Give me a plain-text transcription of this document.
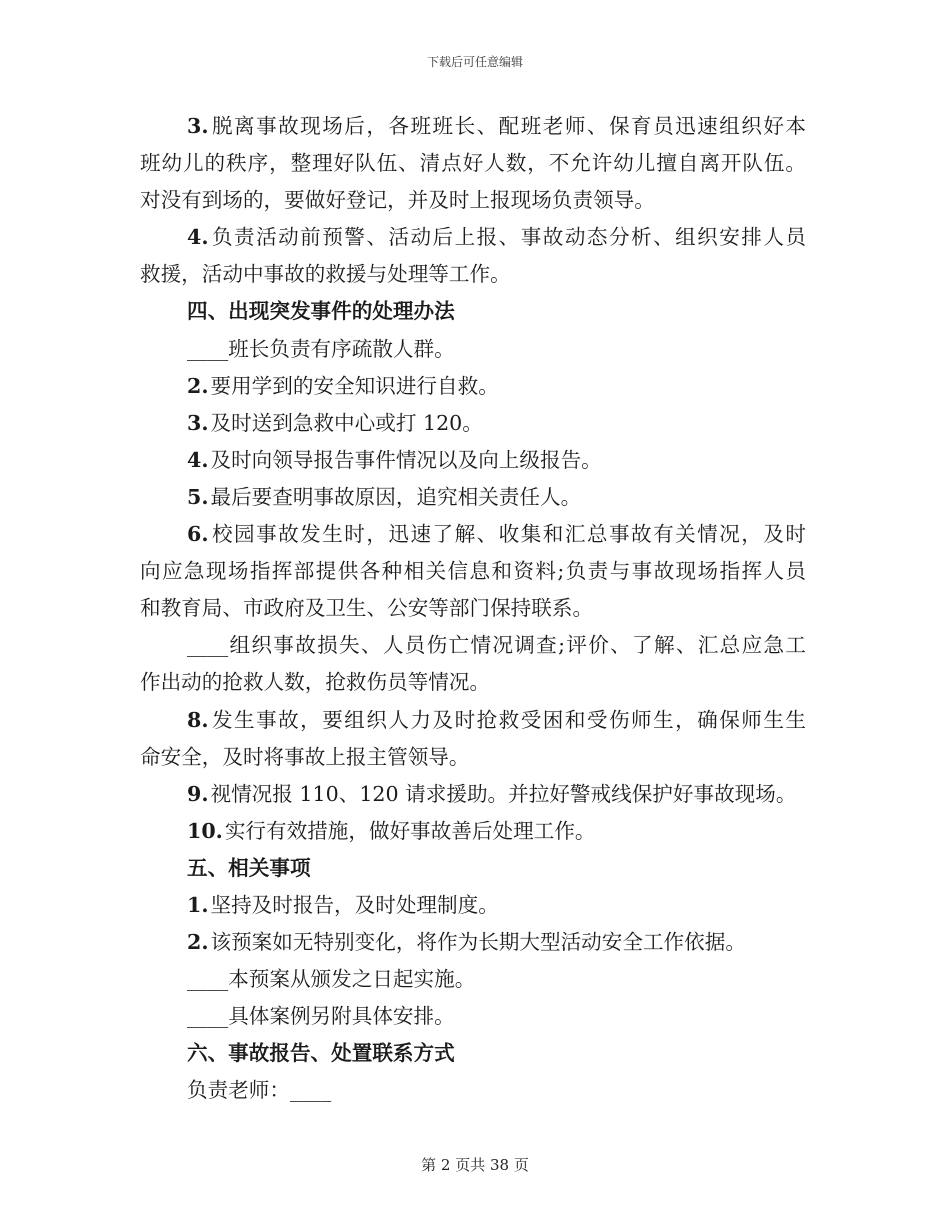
下载后可任意编辑
3.脱离事故现场后，各班班长、配班老师、保育员迅速组织好本
班幼儿的秩序，整理好队伍、清点好人数，不允许幼儿擅自离开队伍。
对没有到场的，要做好登记，并及时上报现场负责领导。
4.负责活动前预警、活动后上报、事故动态分析、组织安排人员
救援，活动中事故的救援与处理等工作。
四、出现突发事件的处理办法
____班长负责有序疏散人群。
2.要用学到的安全知识进行自救。
3.及时送到急救中心或打 120。
4.及时向领导报告事件情况以及向上级报告。
5.最后要查明事故原因，追究相关责任人。
6.校园事故发生时，迅速了解、收集和汇总事故有关情况，及时
向应急现场指挥部提供各种相关信息和资料;负责与事故现场指挥人员
和教育局、市政府及卫生、公安等部门保持联系。
____组织事故损失、人员伤亡情况调查;评价、了解、汇总应急工
作出动的抢救人数，抢救伤员等情况。
8.发生事故，要组织人力及时抢救受困和受伤师生，确保师生生
命安全，及时将事故上报主管领导。
9.视情况报 110、120 请求援助。并拉好警戒线保护好事故现场。
10.实行有效措施，做好事故善后处理工作。
五、相关事项
1.坚持及时报告，及时处理制度。
2.该预案如无特别变化，将作为长期大型活动安全工作依据。
____本预案从颁发之日起实施。
____具体案例另附具体安排。
六、事故报告、处置联系方式
负责老师：____
第 2 页共 38 页
